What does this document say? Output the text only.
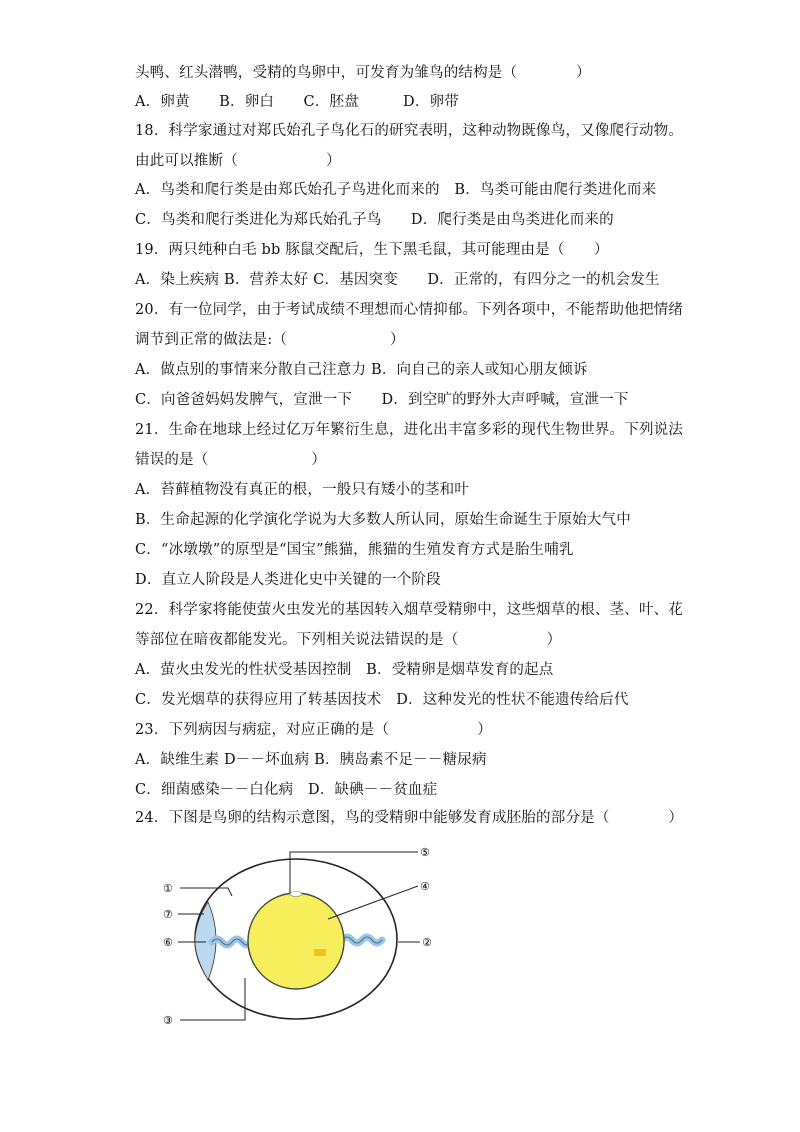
头鸭、红头潜鸭，受精的鸟卵中，可发育为雏鸟的结构是（　　　　）
A．卵黄　　B．卵白　　C．胚盘　　　D．卵带
18．科学家通过对郑氏始孔子鸟化石的研究表明，这种动物既像鸟，又像爬行动物。
由此可以推断（　　　　　　）
A．鸟类和爬行类是由郑氏始孔子鸟进化而来的　B．鸟类可能由爬行类进化而来
C．鸟类和爬行类进化为郑氏始孔子鸟　　D．爬行类是由鸟类进化而来的
19．两只纯种白毛 bb 豚鼠交配后，生下黑毛鼠，其可能理由是（　　）
A．染上疾病 B．营养太好 C．基因突变　　D．正常的，有四分之一的机会发生
20．有一位同学，由于考试成绩不理想而心情抑郁。下列各项中，不能帮助他把情绪
调节到正常的做法是:（　　　　　　　）
A．做点别的事情来分散自己注意力 B．向自己的亲人或知心朋友倾诉
C．向爸爸妈妈发脾气，宣泄一下　　D．到空旷的野外大声呼喊，宣泄一下
21．生命在地球上经过亿万年繁衍生息，进化出丰富多彩的现代生物世界。下列说法
错误的是（　　　　　　　）
A．苔藓植物没有真正的根，一般只有矮小的茎和叶
B．生命起源的化学演化学说为大多数人所认同，原始生命诞生于原始大气中
C．“冰墩墩”的原型是“国宝”熊猫，熊猫的生殖发育方式是胎生哺乳
D．直立人阶段是人类进化史中关键的一个阶段
22．科学家将能使萤火虫发光的基因转入烟草受精卵中，这些烟草的根、茎、叶、花
等部位在暗夜都能发光。下列相关说法错误的是（　　　　　　）
A．萤火虫发光的性状受基因控制　B．受精卵是烟草发育的起点
C．发光烟草的获得应用了转基因技术　D．这种发光的性状不能遗传给后代
23．下列病因与病症，对应正确的是（　　　　　　）
A．缺维生素 D－－坏血病 B．胰岛素不足－－糖尿病
C．细菌感染－－白化病　D．缺碘－－贫血症
24．下图是鸟卵的结构示意图，鸟的受精卵中能够发育成胚胎的部分是（　　　　）
①
②
③
④
⑤
⑥
⑦
